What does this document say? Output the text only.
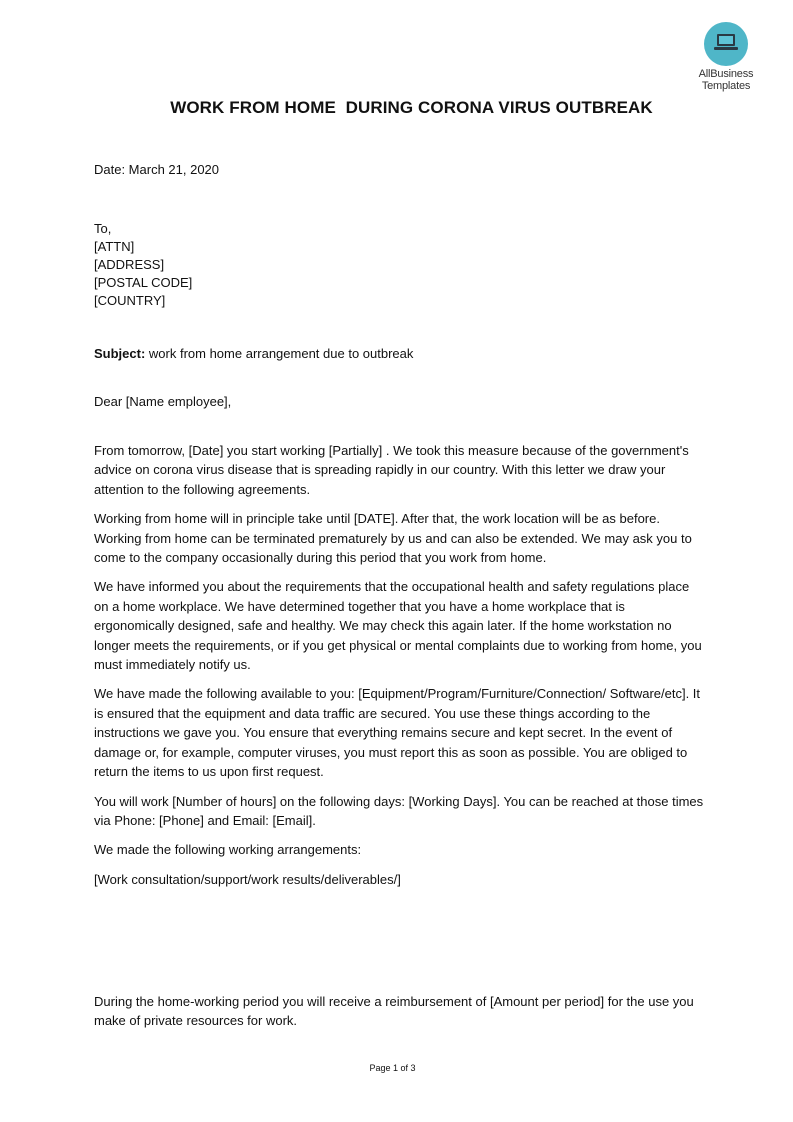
AllBusiness
Templates
WORK FROM HOME  DURING CORONA VIRUS OUTBREAK

Date: March 21, 2020

To,
[ATTN]
[ADDRESS]
[POSTAL CODE]
[COUNTRY]
Subject: work from home arrangement due to outbreak
Dear [Name employee],

From tomorrow, [Date] you start working [Partially] . We took this measure because of the government's advice on corona virus disease that is spreading rapidly in our country. With this letter we draw your attention to the following agreements.

Working from home will in principle take until [DATE]. After that, the work location will be as before. Working from home can be terminated prematurely by us and can also be extended. We may ask you to come to the company occasionally during this period that you work from home.

We have informed you about the requirements that the occupational health and safety regulations place on a home workplace. We have determined together that you have a home workplace that is ergonomically designed, safe and healthy. We may check this again later. If the home workstation no longer meets the requirements, or if you get physical or mental complaints due to working from home, you must immediately notify us.

We have made the following available to you: [Equipment/Program/Furniture/Connection/ Software/etc]. It is ensured that the equipment and data traffic are secured. You use these things according to the instructions we gave you. You ensure that everything remains secure and kept secret. In the event of damage or, for example, computer viruses, you must report this as soon as possible. You are obliged to return the items to us upon first request.

You will work [Number of hours] on the following days: [Working Days]. You can be reached at those times via Phone: [Phone] and Email: [Email].

We made the following working arrangements:

[Work consultation/support/work results/deliverables/]

During the home-working period you will receive a reimbursement of [Amount per period] for the use you make of private resources for work.

Page 1 of 3
